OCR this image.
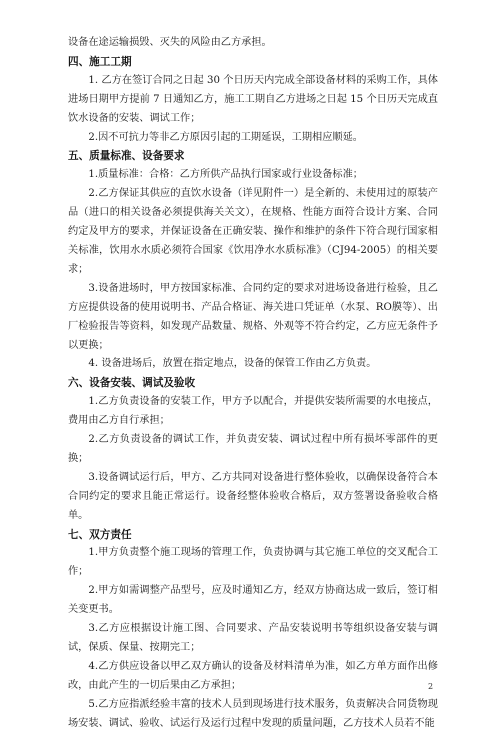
设备在途运输损毁、灭失的风险由乙方承担。

四、施工工期

1. 乙方在签订合同之日起 30 个日历天内完成全部设备材料的采购工作，具体进场日期甲方提前 7 日通知乙方，施工工期自乙方进场之日起 15 个日历天完成直饮水设备的安装、调试工作；

2.因不可抗力等非乙方原因引起的工期延误，工期相应顺延。

五、质量标准、设备要求

1.质量标准：合格：乙方所供产品执行国家或行业设备标准；

2.乙方保证其供应的直饮水设备（详见附件一）是全新的、未使用过的原装产品（进口的相关设备必须提供海关关文），在规格、性能方面符合设计方案、合同约定及甲方的要求，并保证设备在正确安装、操作和维护的条件下符合现行国家相关标准，饮用水水质必须符合国家《饮用净水水质标准》（CJ94-2005）的相关要求；

3.设备进场时，甲方按国家标准、合同约定的要求对进场设备进行检验，且乙方应提供设备的使用说明书、产品合格证、海关进口凭证单（水泵、RO膜等）、出厂检验报告等资料，如发现产品数量、规格、外观等不符合约定，乙方应无条件予以更换；

4. 设备进场后，放置在指定地点，设备的保管工作由乙方负责。

六、设备安装、调试及验收

1.乙方负责设备的安装工作，甲方予以配合，并提供安装所需要的水电接点，费用由乙方自行承担；

2.乙方负责设备的调试工作，并负责安装、调试过程中所有损坏零部件的更换；

3.设备调试运行后，甲方、乙方共同对设备进行整体验收，以确保设备符合本合同约定的要求且能正常运行。设备经整体验收合格后，双方签署设备验收合格单。

七、双方责任

1.甲方负责整个施工现场的管理工作，负责协调与其它施工单位的交叉配合工作；

2.甲方如需调整产品型号，应及时通知乙方，经双方协商达成一致后，签订相关变更书。

3.乙方应根据设计施工图、合同要求、产品安装说明书等组织设备安装与调试，保质、保量、按期完工；

4.乙方供应设备以甲乙双方确认的设备及材料清单为准，如乙方单方面作出修改，由此产生的一切后果由乙方承担；

5.乙方应指派经验丰富的技术人员到现场进行技术服务，负责解决合同货物现场安装、调试、验收、试运行及运行过程中发现的质量问题，乙方技术人员若不能

2
